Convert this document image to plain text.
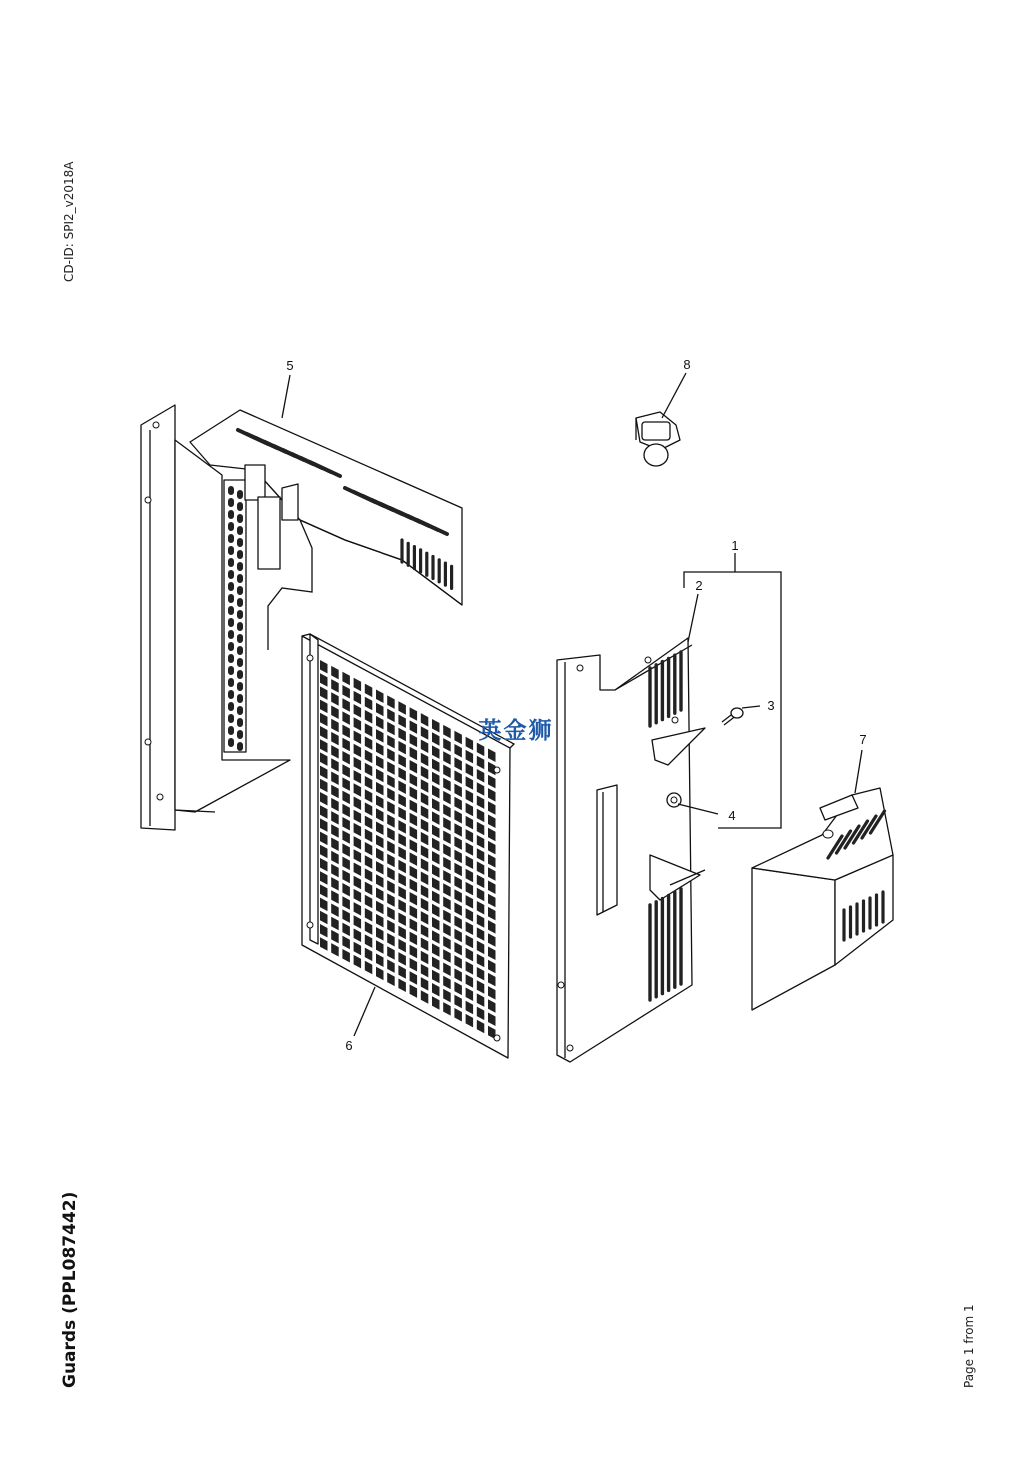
CD-ID: SPI2_v2018A
Guards (PPL087442)	Page 1 from 1
1
2
3
4
5
6
7
8
英金狮
